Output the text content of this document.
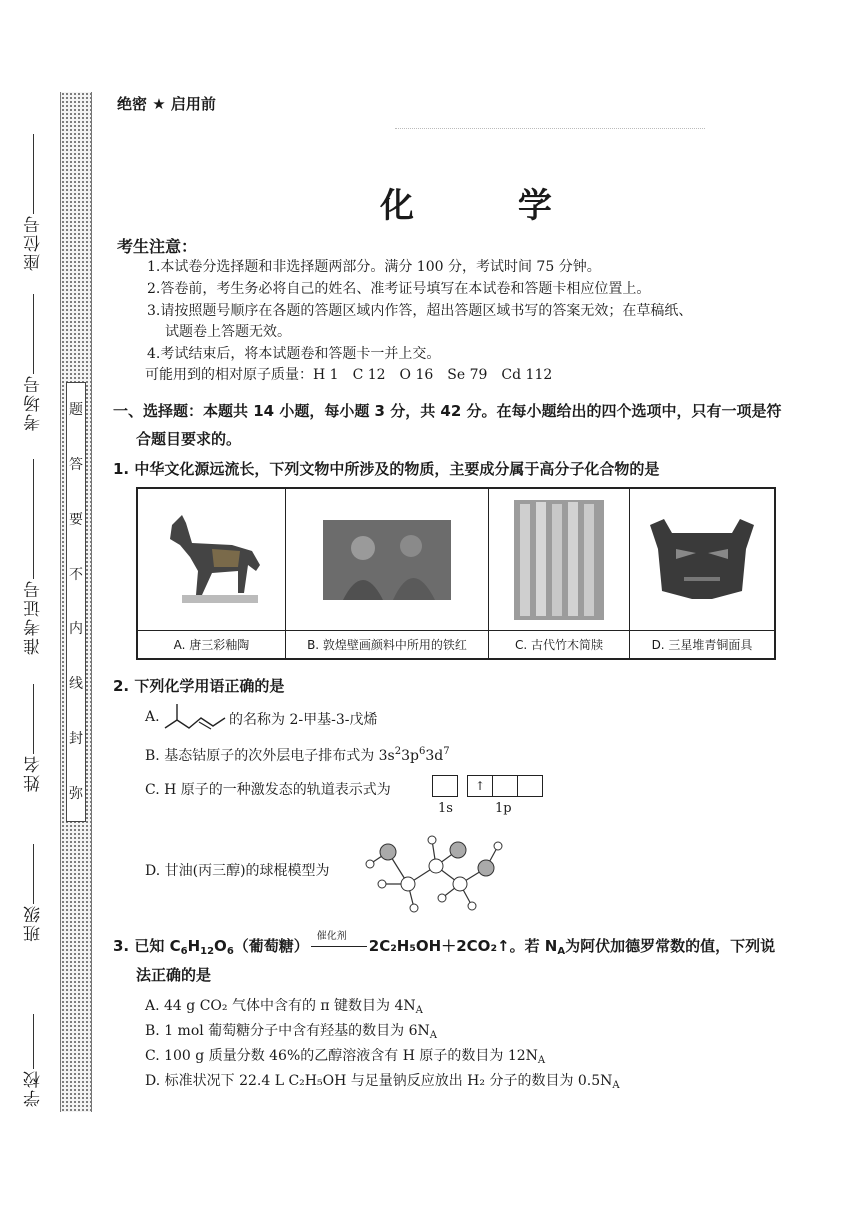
座位号
考场号
准考证号
姓名
班级
学校
题
答
要
不
内
线
封
弥
绝密 ★ 启用前
化 学
考生注意：
1.本试卷分选择题和非选择题两部分。满分 100 分，考试时间 75 分钟。
2.答卷前，考生务必将自己的姓名、准考证号填写在本试卷和答题卡相应位置上。
3.请按照题号顺序在各题的答题区域内作答，超出答题区域书写的答案无效；在草稿纸、
试题卷上答题无效。
4.考试结束后，将本试题卷和答题卡一并上交。
可能用到的相对原子质量：H 1　C 12　O 16　Se 79　Cd 112
一、选择题：本题共 14 小题，每小题 3 分，共 42 分。在每小题给出的四个选项中，只有一项是符
合题目要求的。
1. 中华文化源远流长，下列文物中所涉及的物质，主要成分属于高分子化合物的是
A. 唐三彩釉陶	B. 敦煌壁画颜料中所用的铁红	C. 古代竹木简牍	D. 三星堆青铜面具
2. 下列化学用语正确的是
A.	的名称为 2-甲基-3-戊烯
B. 基态钴原子的次外层电子排布式为 $3s^23p^63d^7$
C. H 原子的一种激发态的轨道表示式为	↑
1s	1p
D. 甘油(丙三醇)的球棍模型为
3. 已知 $C_6H_{12}O_6$（葡萄糖）
催化剂
2C₂H₅OH＋2CO₂↑。若 $N_A$为阿伏加德罗常数的值，下列说
法正确的是
A. 44 g CO₂ 气体中含有的 π 键数目为 $4N_A$
B. 1 mol 葡萄糖分子中含有羟基的数目为 $6N_A$
C. 100 g 质量分数 46%的乙醇溶液含有 H 原子的数目为 $12N_A$
D. 标准状况下 22.4 L C₂H₅OH 与足量钠反应放出 H₂ 分子的数目为 $0.5N_A$
